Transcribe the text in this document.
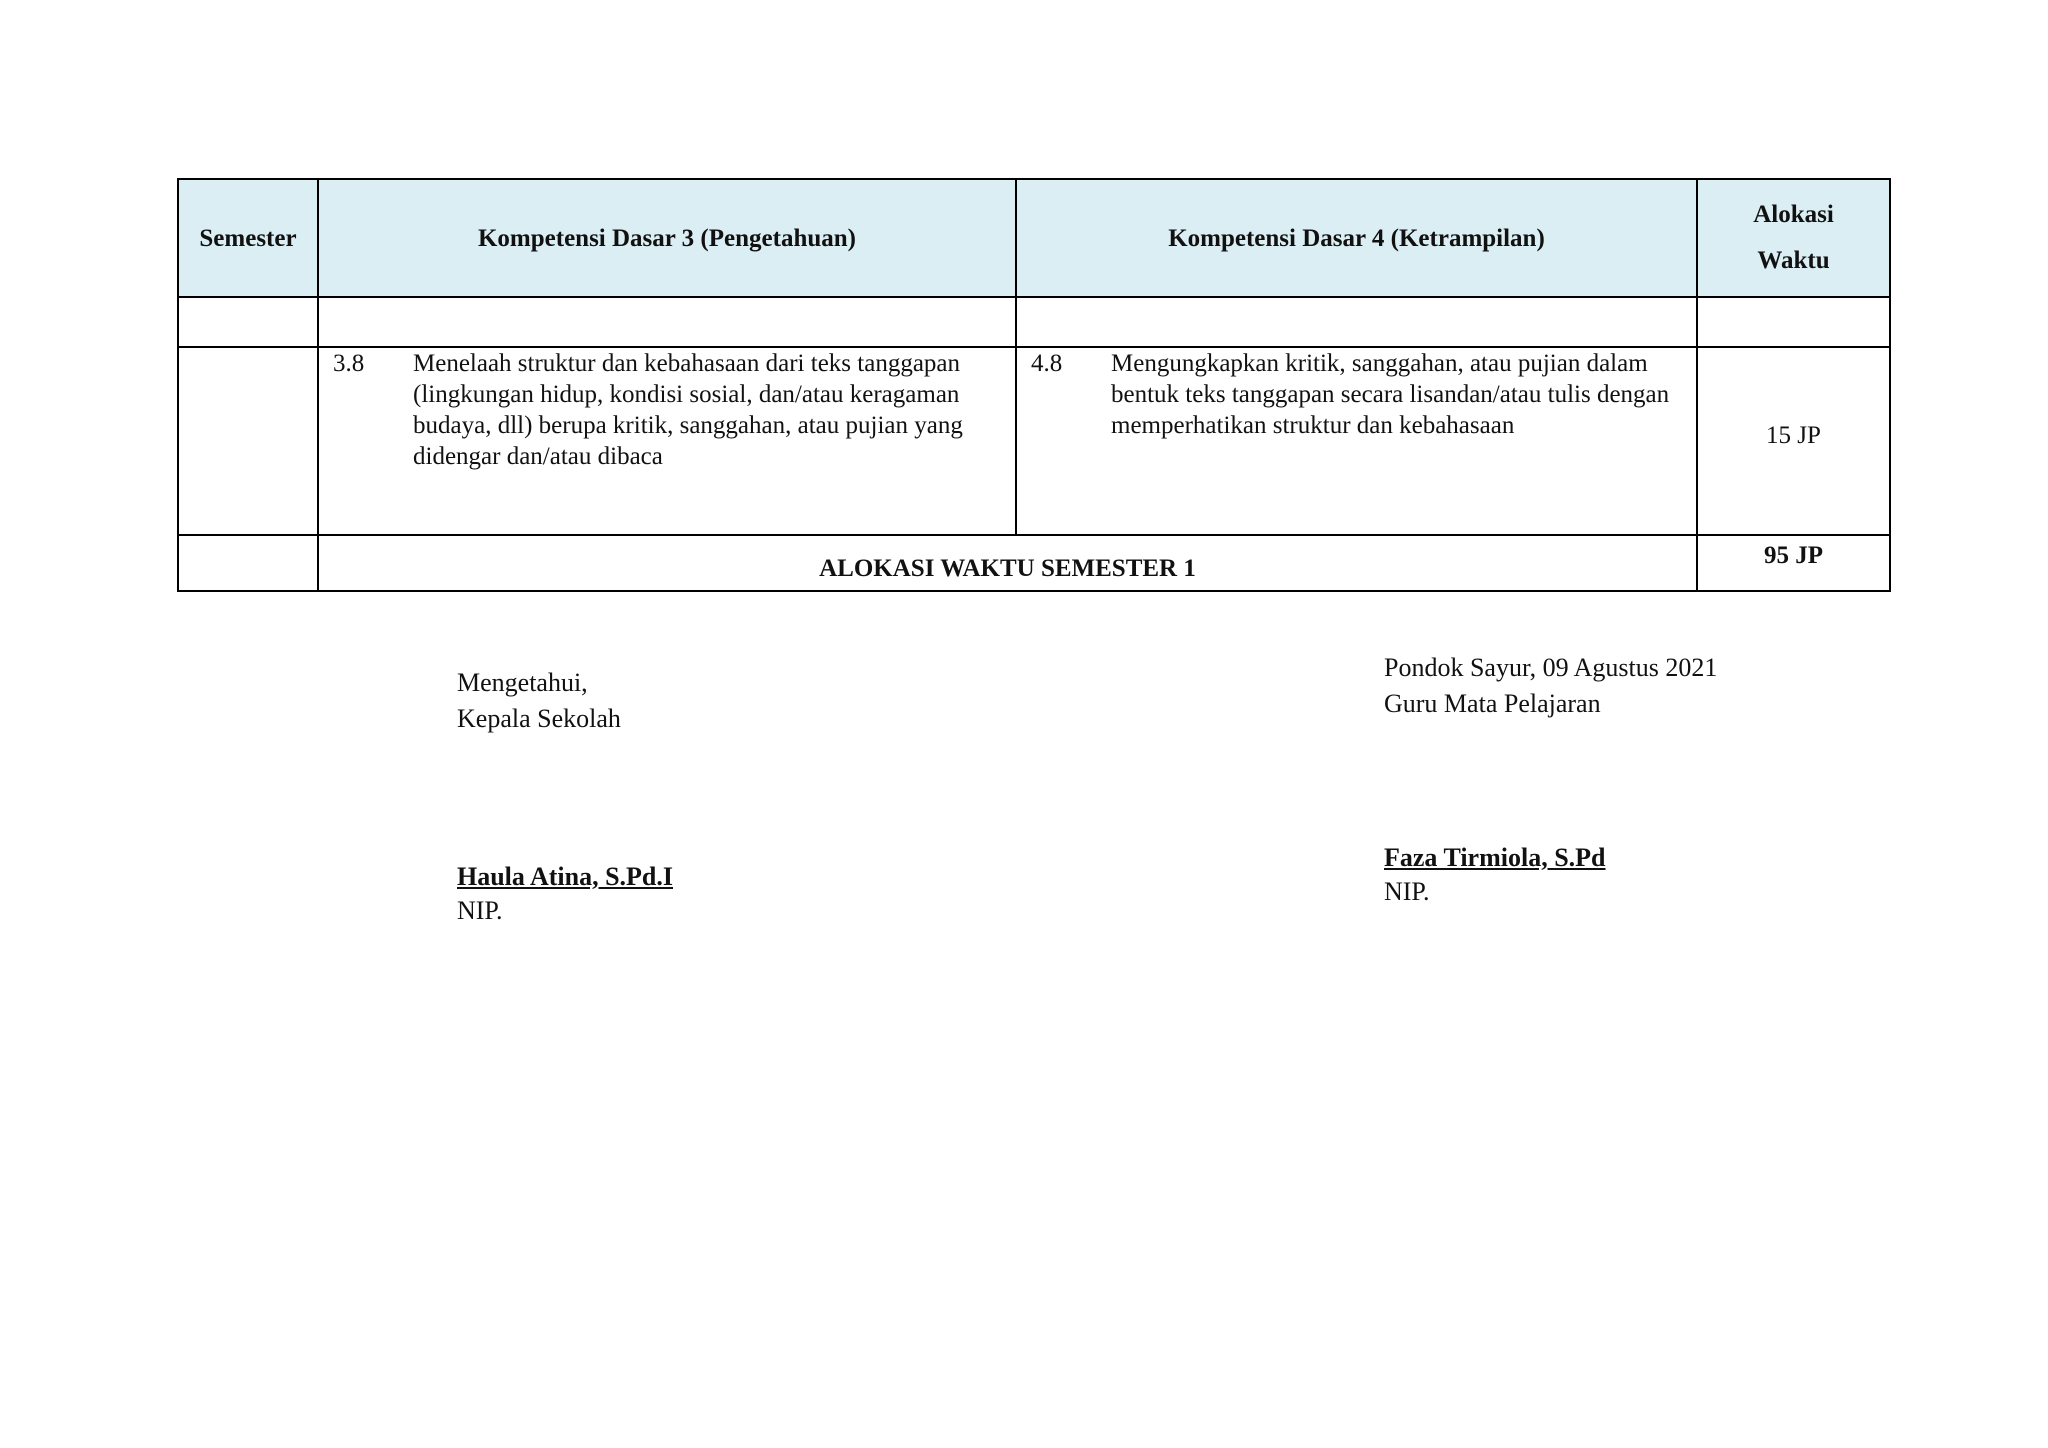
Semester	Kompetensi Dasar 3 (Pengetahuan)	Kompetensi Dasar 4 (Ketrampilan)	Alokasi
Waktu

	3.8 Menelaah struktur dan kebahasaan dari teks tanggapan (lingkungan hidup, kondisi sosial, dan/atau keragaman budaya, dll) berupa kritik, sanggahan, atau pujian yang didengar dan/atau dibaca	4.8 Mengungkapkan kritik, sanggahan, atau pujian dalam bentuk teks tanggapan secara lisandan/atau tulis dengan memperhatikan struktur dan kebahasaan	15 JP
	ALOKASI WAKTU SEMESTER 1		95 JP
Mengetahui,
Kepala Sekolah
Haula Atina, S.Pd.I
NIP.
Pondok Sayur, 09 Agustus 2021
Guru Mata Pelajaran
Faza Tirmiola, S.Pd
NIP.
